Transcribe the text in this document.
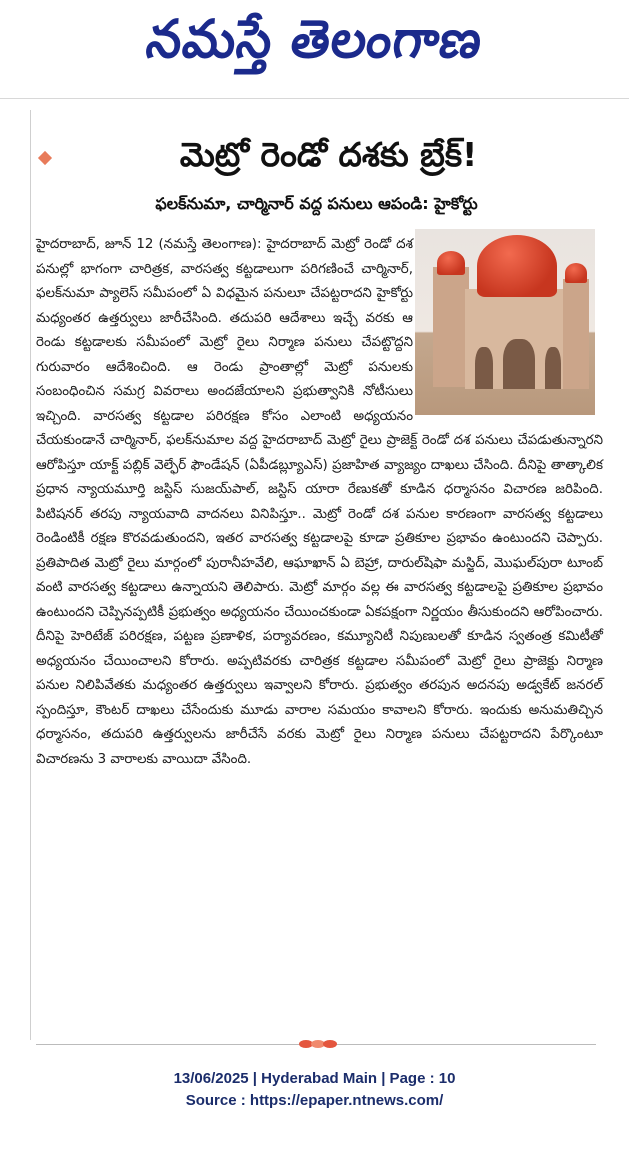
నమస్తే తెలంగాణ
మెట్రో రెండో దశకు బ్రేక్!
ఫలక్‌నుమా, చార్మినార్ వద్ద పనులు ఆపండి: హైకోర్టు
హైదరాబాద్, జూన్ 12 (నమస్తే తెలంగాణ): హైదరాబాద్ మెట్రో రెండో దశ పనుల్లో భాగంగా చారిత్రక, వారసత్వ కట్టడాలుగా పరిగణించే చార్మినార్, ఫలక్‌నుమా ప్యాలెస్ సమీపంలో ఏ విధమైన పనులూ చేపట్టరాదని హైకోర్టు మధ్యంతర ఉత్తర్వులు జారీచేసింది. తదుపరి ఆదేశాలు ఇచ్చే వరకు ఆ రెండు కట్టడాలకు సమీపంలో మెట్రో రైలు నిర్మాణ పనులు చేపట్టొద్దని గురువారం ఆదేశించింది. ఆ రెండు ప్రాంతాల్లో మెట్రో పనులకు సంబంధించిన సమగ్ర వివరాలు అందజేయాలని ప్రభుత్వానికి నోటీసులు ఇచ్చింది. వారసత్వ కట్టడాల పరిరక్షణ కోసం ఎలాంటి అధ్యయనం చేయకుండానే చార్మినార్, ఫలక్‌నుమాల వద్ద హైదరాబాద్ మెట్రో రైలు ప్రాజెక్ట్ రెండో దశ పనులు చేపడుతున్నారని ఆరోపిస్తూ యాక్ట్ పబ్లిక్ వెల్ఫేర్ ఫౌండేషన్ (ఏపీడబ్ల్యూఎస్) ప్రజాహిత వ్యాజ్యం దాఖలు చేసింది. దీనిపై తాత్కాలిక ప్రధాన న్యాయమూర్తి జస్టిస్ సుజయ్‌పాల్, జస్టిస్ యారా రేణుకతో కూడిన ధర్మాసనం విచారణ జరిపింది. పిటిషనర్ తరపు న్యాయవాది వాదనలు వినిపిస్తూ.. మెట్రో రెండో దశ పనుల కారణంగా వారసత్వ కట్టడాలు రెండింటికీ రక్షణ కొరవడుతుందని, ఇతర వారసత్వ కట్టడాలపై కూడా ప్రతికూల ప్రభావం ఉంటుందని చెప్పారు. ప్రతిపాదిత మెట్రో రైలు మార్గంలో పురానీహవేలి, ఆఘాఖాన్ ఏ బెహ్రా, దారుల్‌షిఫా మస్జిద్, మొఘల్‌పురా టూంబ్ వంటి వారసత్వ కట్టడాలు ఉన్నాయని తెలిపారు. మెట్రో మార్గం వల్ల ఈ వారసత్వ కట్టడాలపై ప్రతికూల ప్రభావం ఉంటుందని చెప్పినప్పటికీ ప్రభుత్వం అధ్యయనం చేయించకుండా ఏకపక్షంగా నిర్ణయం తీసుకుందని ఆరోపించారు. దీనిపై హెరిటేజ్ పరిరక్షణ, పట్టణ ప్రణాళిక, పర్యావరణం, కమ్యూనిటీ నిపుణులతో కూడిన స్వతంత్ర కమిటీతో అధ్యయనం చేయించాలని కోరారు. అప్పటివరకు చారిత్రక కట్టడాల సమీపంలో మెట్రో రైలు ప్రాజెక్టు నిర్మాణ పనుల నిలిపివేతకు మధ్యంతర ఉత్తర్వులు ఇవ్వాలని కోరారు. ప్రభుత్వం తరపున అదనపు అడ్వకేట్ జనరల్ స్పందిస్తూ, కౌంటర్ దాఖలు చేసేందుకు మూడు వారాల సమయం కావాలని కోరారు. ఇందుకు అనుమతిచ్చిన ధర్మాసనం, తదుపరి ఉత్తర్వులను జారీచేసే వరకు మెట్రో రైలు నిర్మాణ పనులు చేపట్టరాదని పేర్కొంటూ విచారణను 3 వారాలకు వాయిదా వేసింది.
13/06/2025 | Hyderabad Main | Page : 10
Source : https://epaper.ntnews.com/
